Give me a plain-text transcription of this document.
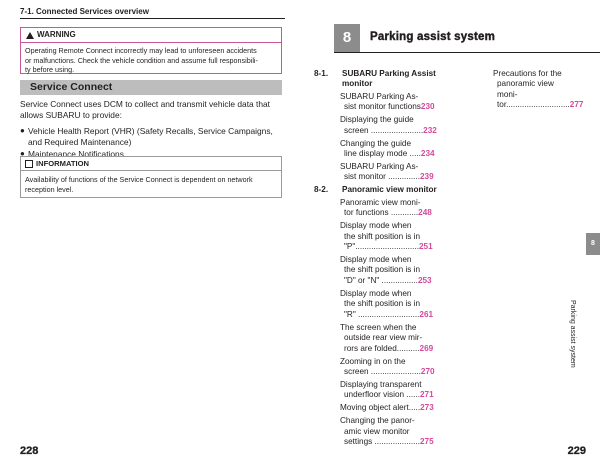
7-1. Connected Services overview
WARNING
Operating Remote Connect incorrectly may lead to unforeseen accidents
or malfunctions. Check the vehicle condition and assume full responsibili-
ty before using.
Service Connect

Service Connect uses DCM to collect and transmit vehicle data that
allows SUBARU to provide:

● Vehicle Health Report (VHR) (Safety Recalls, Service Campaigns,
and Required Maintenance)
● Maintenance Notifications
INFORMATION
Availability of functions of the Service Connect is dependent on network
reception level.
228
8	Parking assist system
8-1.	SUBARU Parking Assist
monitor
SUBARU Parking As-
sist monitor functions230
Displaying the guide
screen .......................232
Changing the guide
line display mode .....234
SUBARU Parking As-
sist monitor ..............239
8-2.	Panoramic view monitor
Panoramic view moni-
tor functions ............248
Display mode when
the shift position is in
"P"............................251
Display mode when
the shift position is in
"D" or "N" ................253
Display mode when
the shift position is in
"R" ...........................261
The screen when the
outside rear view mir-
rors are folded..........269
Zooming in on the
screen ......................270
Displaying transparent
underfloor vision ......271
Moving object alert.....273
Changing the panor-
amic view monitor
settings ....................275
Precautions for the
panoramic view moni-
tor............................277
8
Parking assist system
229
